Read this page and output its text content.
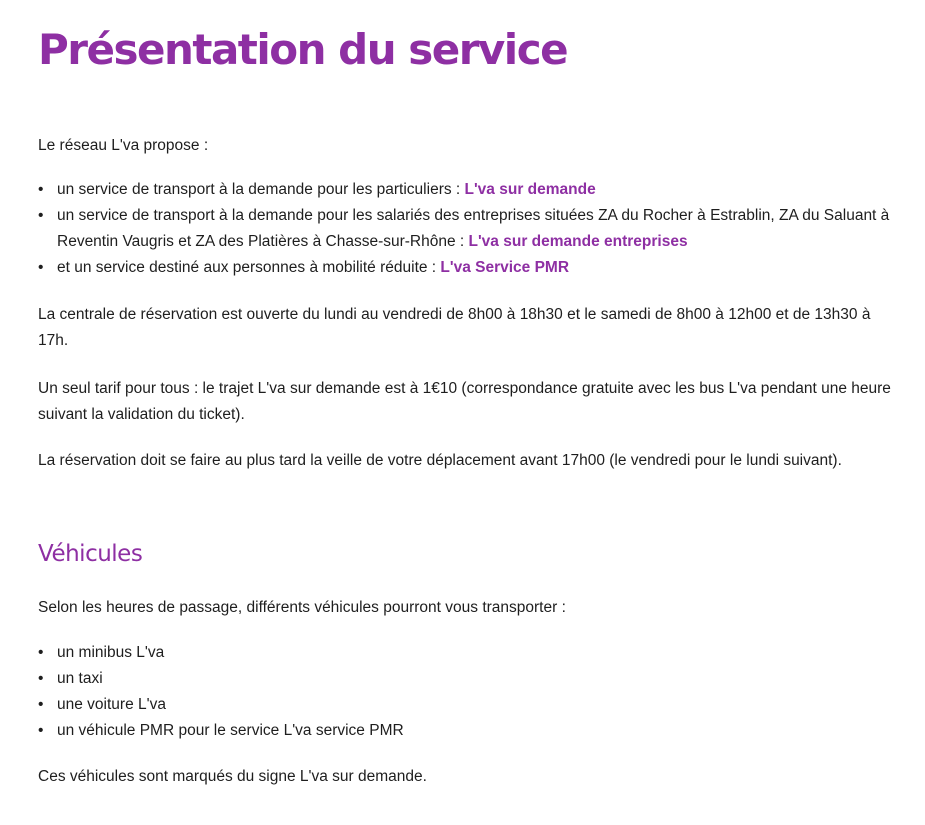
Présentation du service

Le réseau L'va propose :

• un service de transport à la demande pour les particuliers : L'va sur demande
• un service de transport à la demande pour les salariés des entreprises situées ZA du Rocher à Estrablin, ZA du Saluant à Reventin Vaugris et ZA des Platières à Chasse-sur-Rhône : L'va sur demande entreprises
• et un service destiné aux personnes à mobilité réduite : L'va Service PMR

La centrale de réservation est ouverte du lundi au vendredi de 8h00 à 18h30 et le samedi de 8h00 à 12h00 et de 13h30 à 17h.

Un seul tarif pour tous : le trajet L'va sur demande est à 1€10 (correspondance gratuite avec les bus L'va pendant une heure suivant la validation du ticket).

La réservation doit se faire au plus tard la veille de votre déplacement avant 17h00 (le vendredi pour le lundi suivant).

Véhicules

Selon les heures de passage, différents véhicules pourront vous transporter :

• un minibus L'va
• un taxi
• une voiture L'va
• un véhicule PMR pour le service L'va service PMR

Ces véhicules sont marqués du signe L'va sur demande.
